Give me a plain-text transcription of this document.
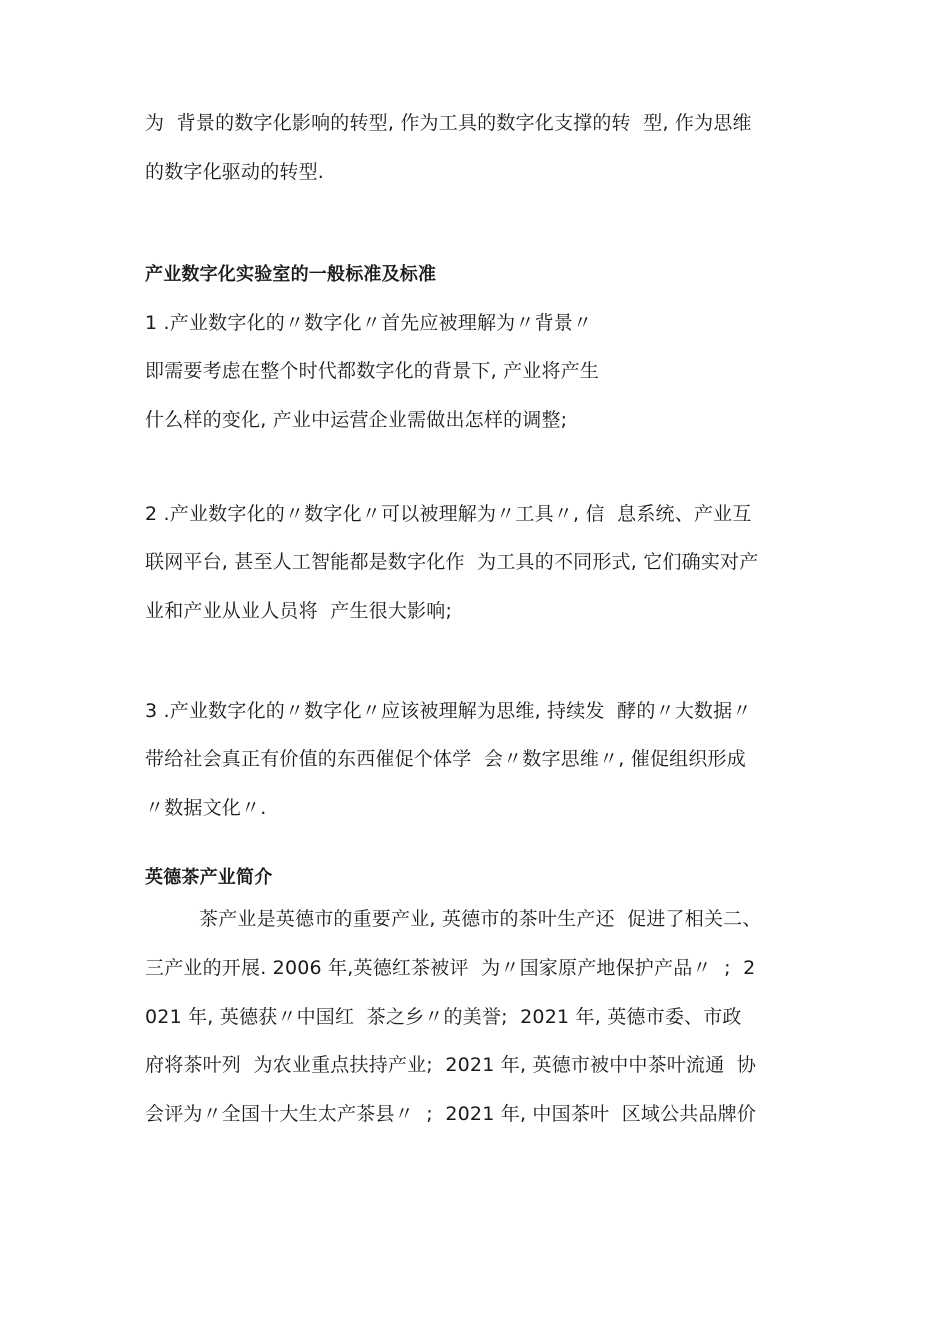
为  背景的数字化影响的转型, 作为工具的数字化支撑的转  型, 作为思维
的数字化驱动的转型.
产业数字化实验室的一般标准及标准
1 .产业数字化的〃数字化〃首先应被理解为〃背景〃
即需要考虑在整个时代都数字化的背景下, 产业将产生
什么样的变化, 产业中运营企业需做出怎样的调整;
2 .产业数字化的〃数字化〃可以被理解为〃工具〃, 信  息系统、产业互
联网平台, 甚至人工智能都是数字化作  为工具的不同形式, 它们确实对产
业和产业从业人员将  产生很大影响;
3 .产业数字化的〃数字化〃应该被理解为思维, 持续发  酵的〃大数据〃
带给社会真正有价值的东西催促个体学  会〃数字思维〃, 催促组织形成
〃数据文化〃.
英德茶产业简介
茶产业是英德市的重要产业, 英德市的茶叶生产还  促进了相关二、
三产业的开展. 2006 年,英德红茶被评  为〃国家原产地保护产品〃  ;  2
021 年, 英德获〃中国红  茶之乡〃的美誉;  2021 年, 英德市委、市政
府将茶叶列  为农业重点扶持产业;  2021 年, 英德市被中中茶叶流通  协
会评为〃全国十大生太产茶县〃  ;  2021 年, 中国茶叶  区域公共品牌价
